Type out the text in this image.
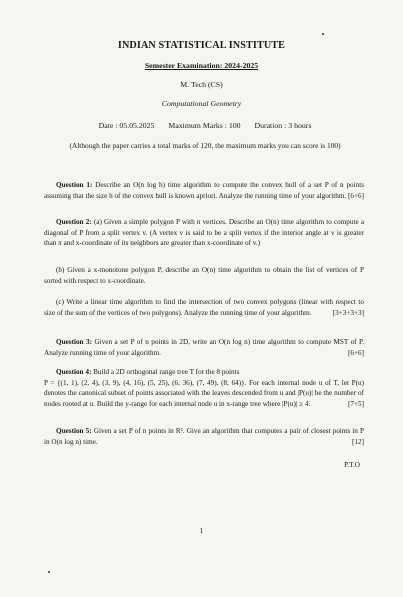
INDIAN STATISTICAL INSTITUTE
Semester Examination: 2024-2025
M. Tech (CS)
Computational Geometry
Date : 05.05.2025 Maximum Marks : 100 Duration : 3 hours
(Although the paper carries a total marks of 120, the maximum marks you can score is 100)
Question 1: Describe an O(n log h) time algorithm to compute the convex hull of a set P of n points assuming that the size h of the convex hull is known apriori. Analyze the running time of your algorithm. [6+6]
Question 2: (a) Given a simple polygon P with n vertices. Describe an O(n) time algorithm to compute a diagonal of P from a split vertex v. (A vertex v is said to be a split vertex if the interior angle at v is greater than π and x-coordinate of its neighbors are greater than x-coordinate of v.)
(b) Given a x-monotone polygon P, describe an O(n) time algorithm to obtain the list of vertices of P sorted with respect to x-coordinate.
(c) Write a linear time algorithm to find the intersection of two convex polygons (linear with respect to size of the sum of the vertices of two polygons). Analyze the running time of your algorithm.	[3+3+3+3]
Question 3: Given a set P of n points in 2D, write an O(n log n) time algorithm to compute MST of P. Analyze running time of your algorithm.	[6+6]
Question 4: Build a 2D orthogonal range tree T for the 8 points
P = {(1, 1), (2, 4), (3, 9), (4, 16), (5, 25), (6, 36), (7, 49), (8, 64)}. For each internal node u of T, let P(u) denotes the canonical subset of points associated with the leaves descended from u and |P(u)| be the number of nodes rooted at u. Build the y-range for each internal node u in x-range tree where |P(u)| ≥ 4.	[7+5]
Question 5: Given a set P of n points in R². Give an algorithm that computes a pair of closest points in P in O(n log n) time.	[12]
P.T.O
1
